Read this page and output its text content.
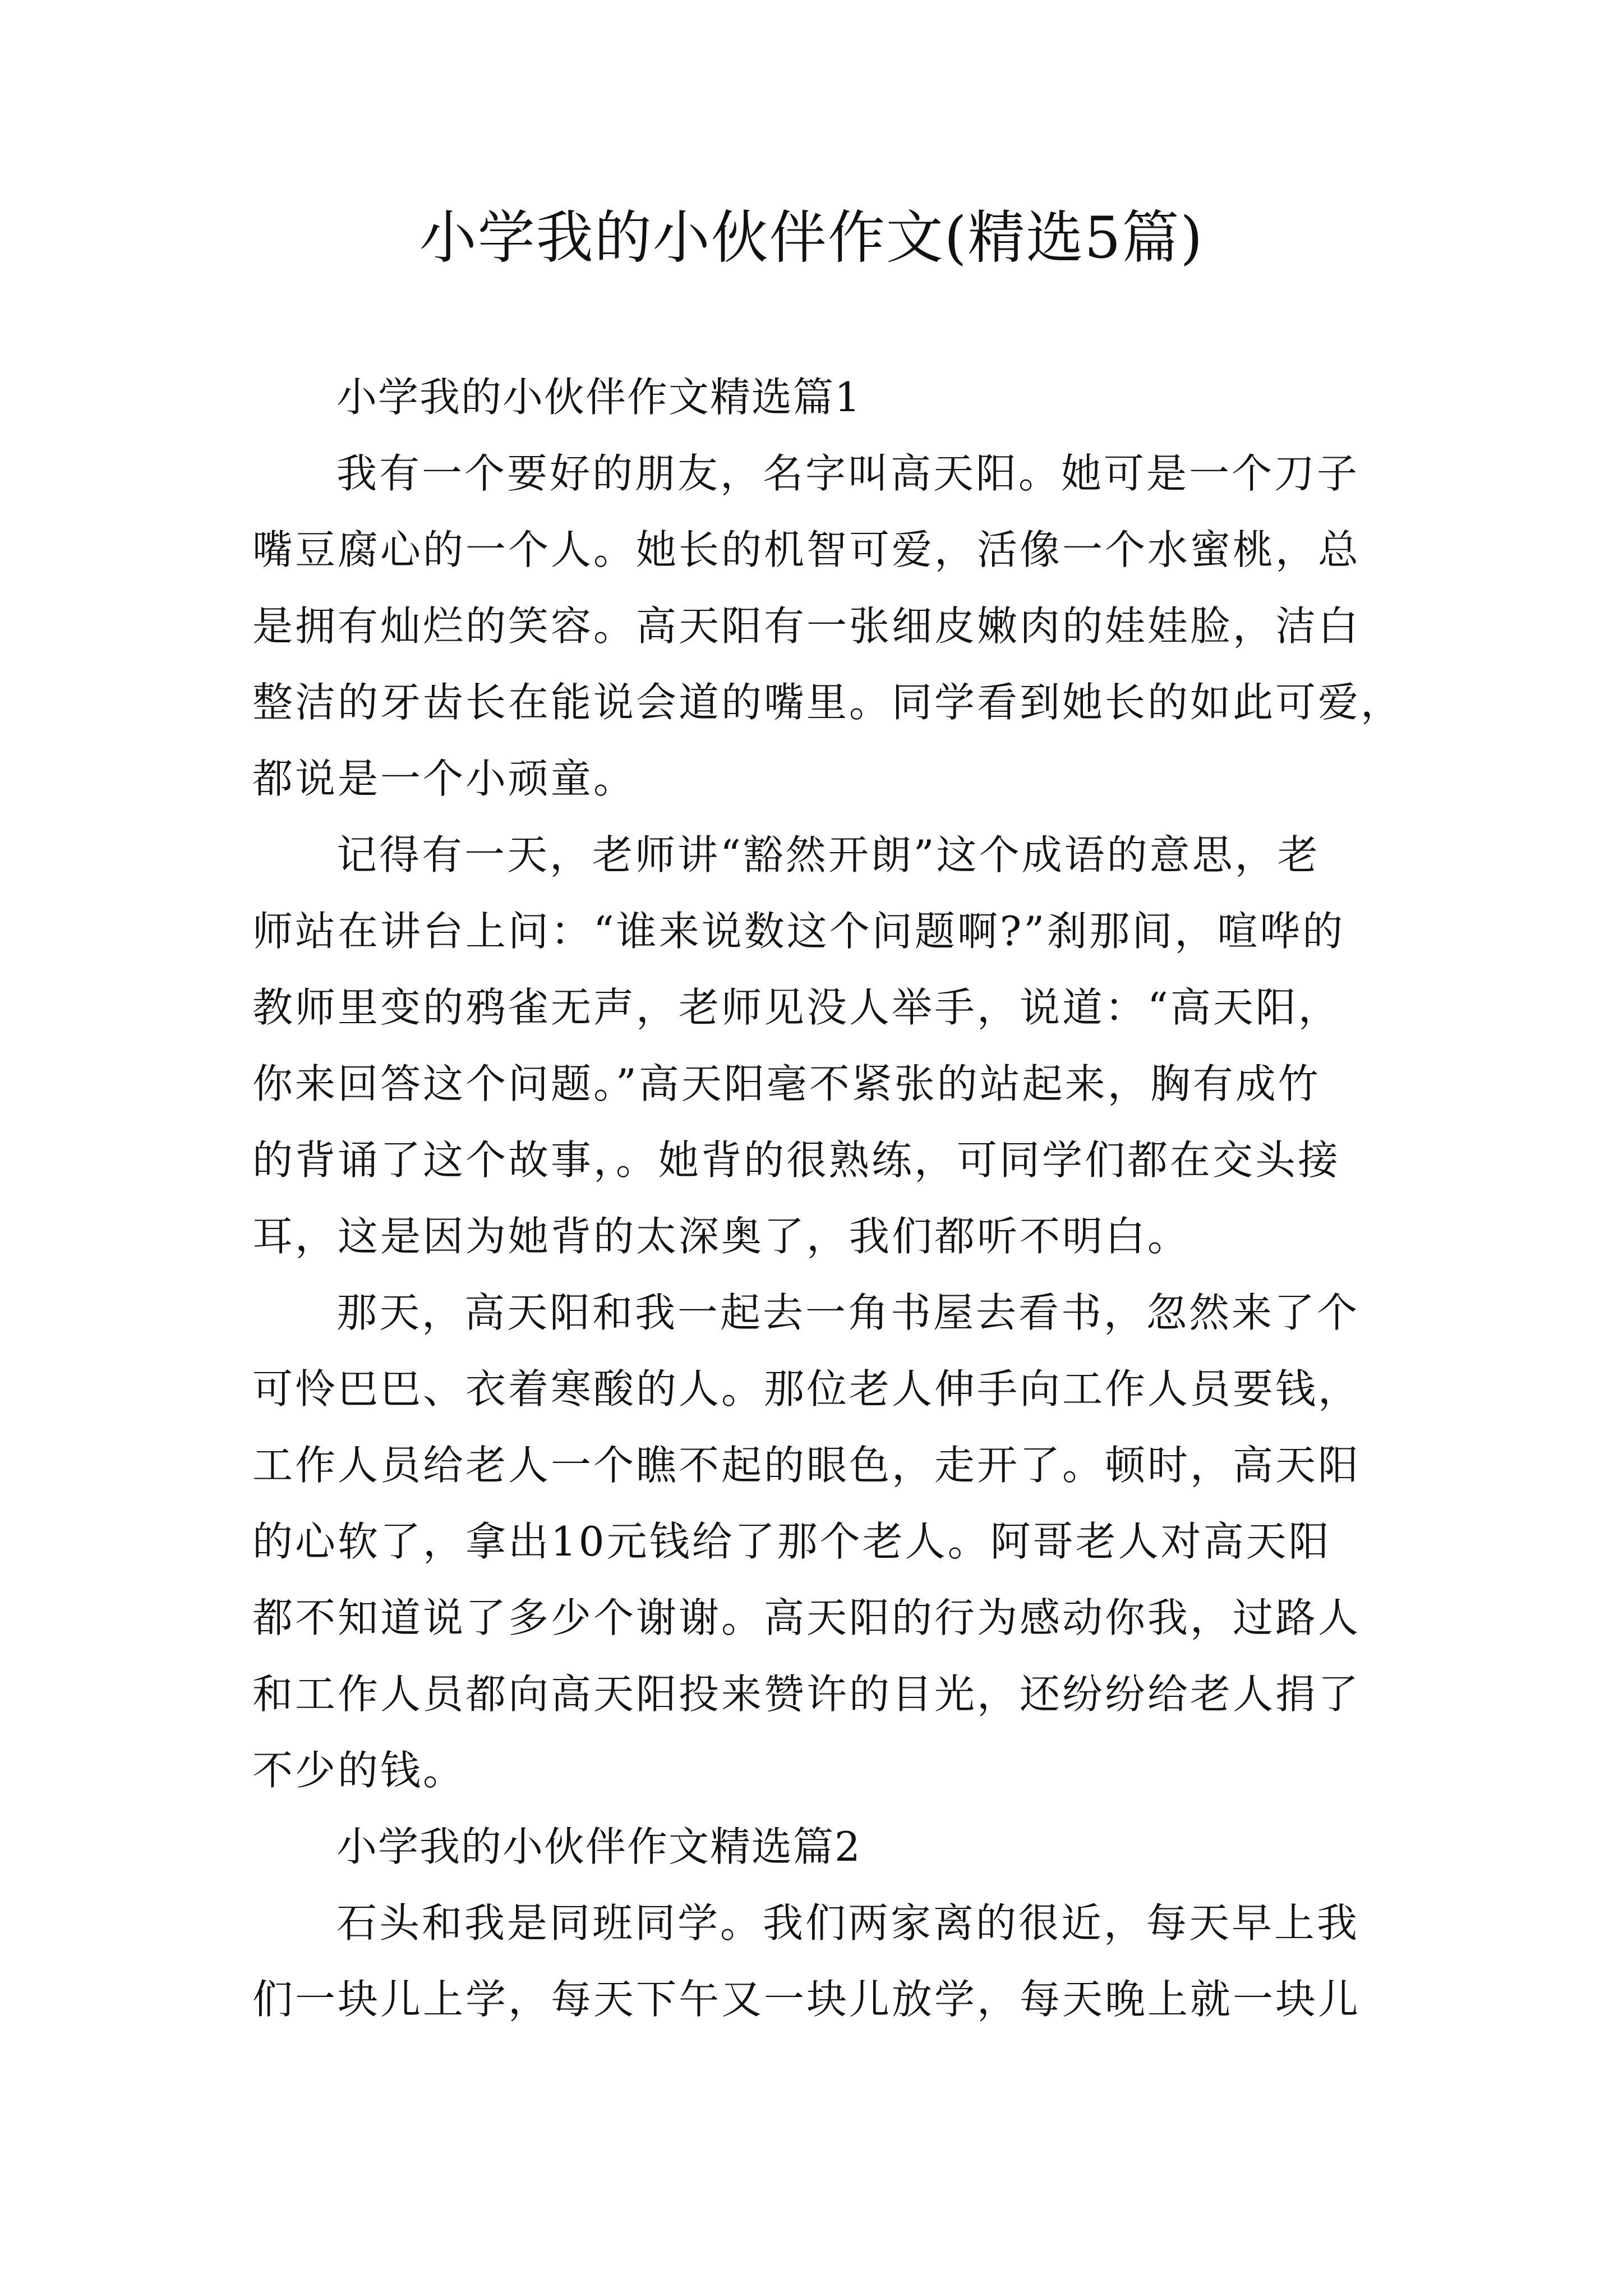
小学我的小伙伴作文(精选5篇)
小学我的小伙伴作文精选篇1
我有一个要好的朋友，名字叫高天阳。她可是一个刀子
嘴豆腐心的一个人。她长的机智可爱，活像一个水蜜桃，总
是拥有灿烂的笑容。高天阳有一张细皮嫩肉的娃娃脸，洁白
整洁的牙齿长在能说会道的嘴里。同学看到她长的如此可爱，
都说是一个小顽童。
记得有一天，老师讲“豁然开朗”这个成语的意思，老
师站在讲台上问：“谁来说数这个问题啊?”刹那间，喧哗的
教师里变的鸦雀无声，老师见没人举手，说道：“高天阳，
你来回答这个问题。”高天阳毫不紧张的站起来，胸有成竹
的背诵了这个故事，。她背的很熟练，可同学们都在交头接
耳，这是因为她背的太深奥了，我们都听不明白。
那天，高天阳和我一起去一角书屋去看书，忽然来了个
可怜巴巴、衣着寒酸的人。那位老人伸手向工作人员要钱，
工作人员给老人一个瞧不起的眼色，走开了。顿时，高天阳
的心软了，拿出10元钱给了那个老人。阿哥老人对高天阳
都不知道说了多少个谢谢。高天阳的行为感动你我，过路人
和工作人员都向高天阳投来赞许的目光，还纷纷给老人捐了
不少的钱。
小学我的小伙伴作文精选篇2
石头和我是同班同学。我们两家离的很近，每天早上我
们一块儿上学，每天下午又一块儿放学，每天晚上就一块儿
